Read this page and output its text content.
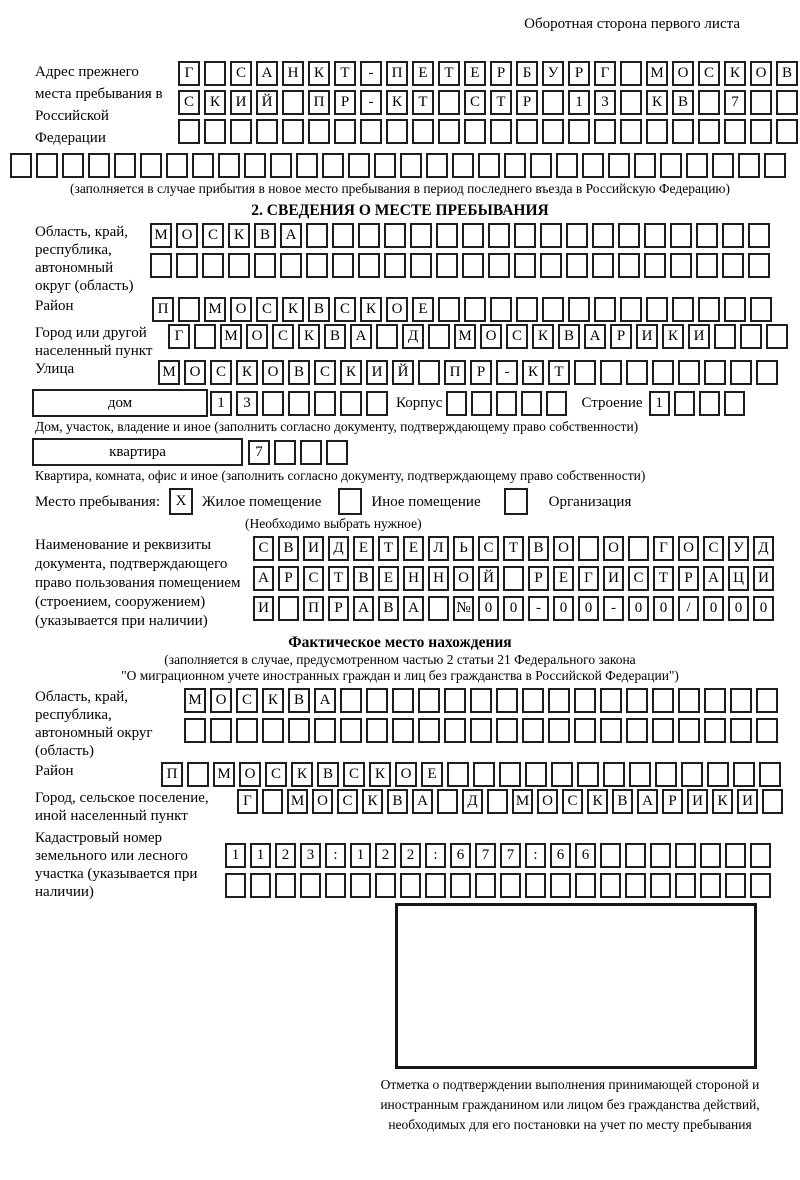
Оборотная сторона первого листа
Адрес прежнего места пребывания в Российской Федерации
Г	С	А	Н	К	Т	-	П	Е	Т	Е	Р	Б	У	Р	Г	М О	С	К	О	В
С	К	И	Й	П	Р	-	К	Т	С	Т	Р	1	3	К	В	7
(заполняется в случае прибытия в новое место пребывания в период последнего въезда в Российскую Федерацию)
2. СВЕДЕНИЯ О МЕСТЕ ПРЕБЫВАНИЯ
Область, край, республика, автономный округ (область)
М О	С	К	В	А
Район	П	М О	С	К	В	С	К	О	Е
Город или другой населенный пункт
Г	М О	С	К	В	А	Д	М О	С	К	В	А	Р	И	К	И
Улица	М О	С	К	О	В	С	К	И	Й	П	Р	-	К	Т
дом	1	3	Корпус	Строение 1
Дом, участок, владение и иное (заполнить согласно документу, подтверждающему право собственности)
квартира	7
Квартира, комната, офис и иное (заполнить согласно документу, подтверждающему право собственности)
Место пребывания: X Жилое помещение	Иное помещение	Организация
(Необходимо выбрать нужное)
Наименование и реквизиты документа, подтверждающего право пользования помещением (строением, сооружением) (указывается при наличии)
С В И Д	Е	Т	Е	Л	Ь	С	Т	В О	О	Г	О С У Д
А	Р	С	Т	В	Е	Н Н О Й	Р	Е	Г	И С	Т	Р	А Ц И
И	П	Р	А В А	№ 0	0	-	0	0	-	0	0	/	0	0	0
Фактическое место нахождения
(заполняется в случае, предусмотренном частью 2 статьи 21 Федерального закона
"О миграционном учете иностранных граждан и лиц без гражданства в Российской Федерации")
Область, край, республика, автономный округ (область)
М О	С	К	В	А
Район	П	М О	С	К	В	С	К	О	Е
Город, сельское поселение, иной населенный пункт
Г	М О С К В А	Д	М О С К В А	Р	И К И
Кадастровый номер земельного или лесного участка (указывается при наличии)
1	1	2	3	:	1	2	2	:	6	7	7	:	6	6
Отметка о подтверждении выполнения принимающей стороной и иностранным гражданином или лицом без гражданства действий, необходимых для его постановки на учет по месту пребывания
